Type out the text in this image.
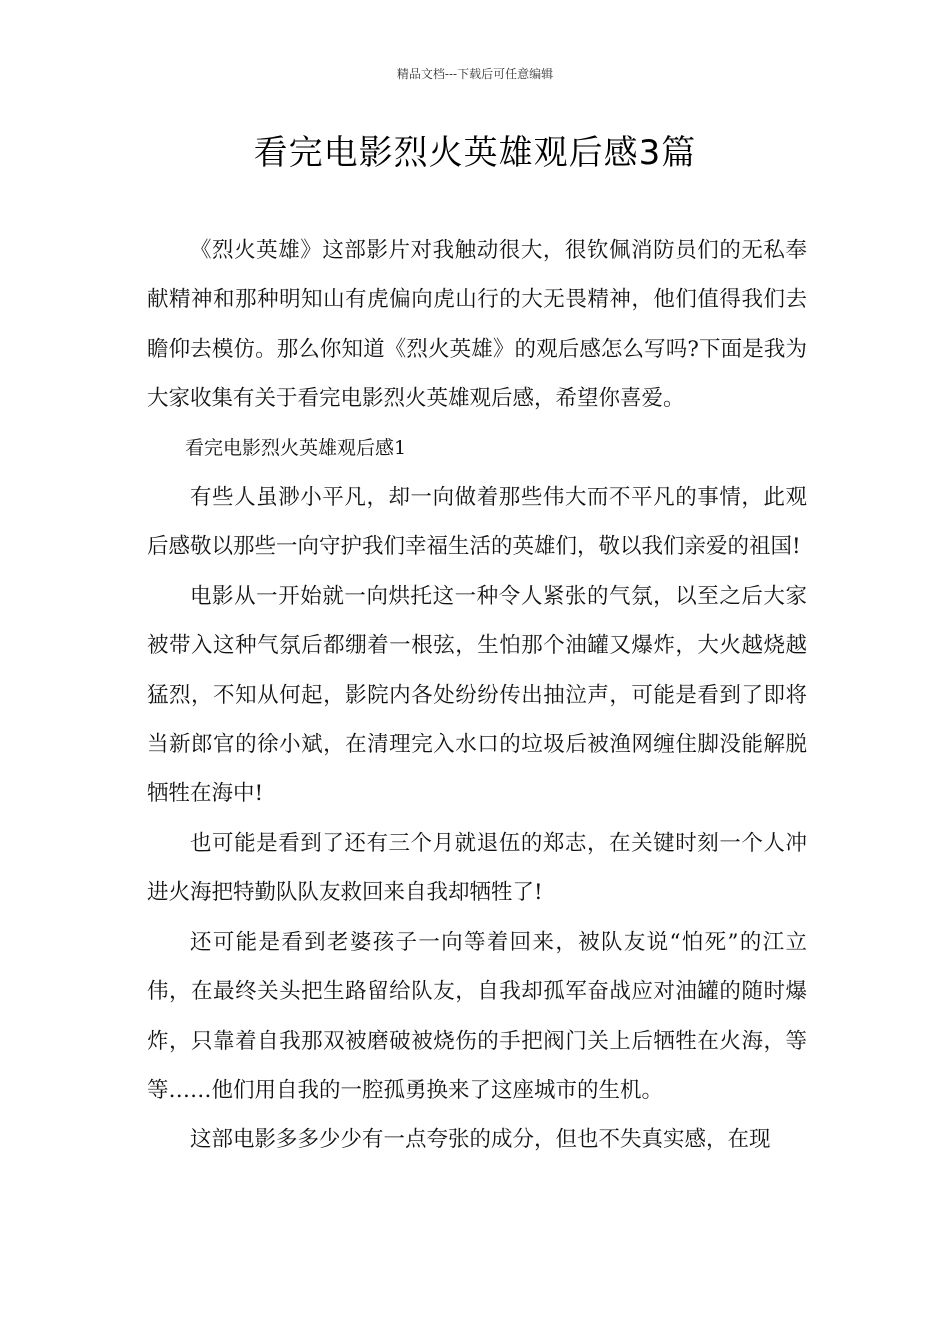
精品文档---下载后可任意编辑
看完电影烈火英雄观后感3篇

《烈火英雄》这部影片对我触动很大，很钦佩消防员们的无私奉献精神和那种明知山有虎偏向虎山行的大无畏精神，他们值得我们去瞻仰去模仿。那么你知道《烈火英雄》的观后感怎么写吗?下面是我为大家收集有关于看完电影烈火英雄观后感，希望你喜爱。

看完电影烈火英雄观后感1

有些人虽渺小平凡，却一向做着那些伟大而不平凡的事情，此观后感敬以那些一向守护我们幸福生活的英雄们，敬以我们亲爱的祖国!

电影从一开始就一向烘托这一种令人紧张的气氛，以至之后大家被带入这种气氛后都绷着一根弦，生怕那个油罐又爆炸，大火越烧越猛烈，不知从何起，影院内各处纷纷传出抽泣声，可能是看到了即将当新郎官的徐小斌，在清理完入水口的垃圾后被渔网缠住脚没能解脱牺牲在海中!

也可能是看到了还有三个月就退伍的郑志，在关键时刻一个人冲进火海把特勤队队友救回来自我却牺牲了!

还可能是看到老婆孩子一向等着回来，被队友说“怕死”的江立伟，在最终关头把生路留给队友，自我却孤军奋战应对油罐的随时爆炸，只靠着自我那双被磨破被烧伤的手把阀门关上后牺牲在火海，等等……他们用自我的一腔孤勇换来了这座城市的生机。

这部电影多多少少有一点夸张的成分，但也不失真实感，在现
